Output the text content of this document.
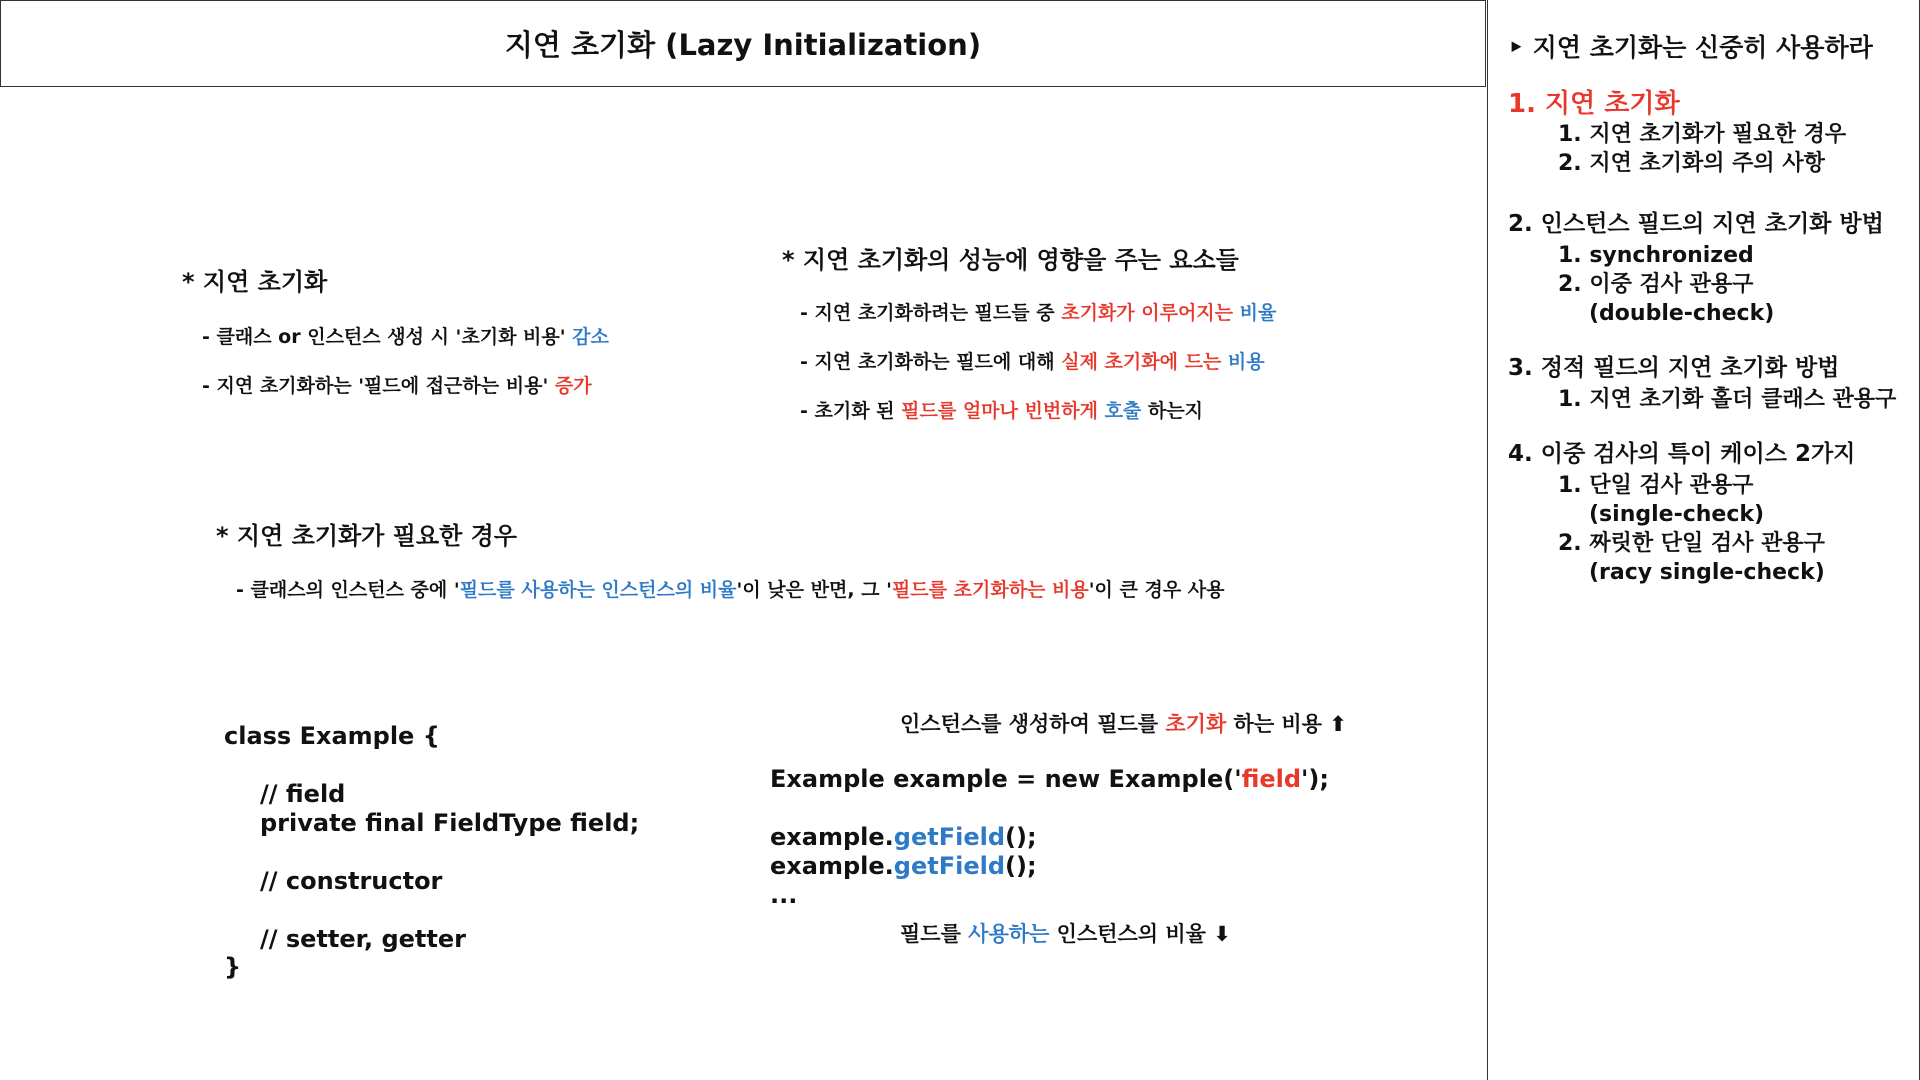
지연 초기화 (Lazy Initialization)
* 지연 초기화
- 클래스 or 인스턴스 생성 시 '초기화 비용' 감소
- 지연 초기화하는 '필드에 접근하는 비용' 증가
* 지연 초기화의 성능에 영향을 주는 요소들
- 지연 초기화하려는 필드들 중 초기화가 이루어지는 비율
- 지연 초기화하는 필드에 대해 실제 초기화에 드는 비용
- 초기화 된 필드를 얼마나 빈번하게 호출 하는지
* 지연 초기화가 필요한 경우
- 클래스의 인스턴스 중에 '필드를 사용하는 인스턴스의 비율'이 낮은 반면, 그 '필드를 초기화하는 비용'이 큰 경우 사용
class Example {
// field
private final FieldType field;
// constructor
// setter, getter
}
인스턴스를 생성하여 필드를 초기화 하는 비용 ⬆
Example example = new Example('field');
example.getField();
example.getField();
...
필드를 사용하는 인스턴스의 비율 ⬇
‣ 지연 초기화는 신중히 사용하라
1. 지연 초기화
1. 지연 초기화가 필요한 경우
2. 지연 초기화의 주의 사항
2. 인스턴스 필드의 지연 초기화 방법
1. synchronized
2. 이중 검사 관용구
(double-check)
3. 정적 필드의 지연 초기화 방법
1. 지연 초기화 홀더 클래스 관용구
4. 이중 검사의 특이 케이스 2가지
1. 단일 검사 관용구
(single-check)
2. 짜릿한 단일 검사 관용구
(racy single-check)
